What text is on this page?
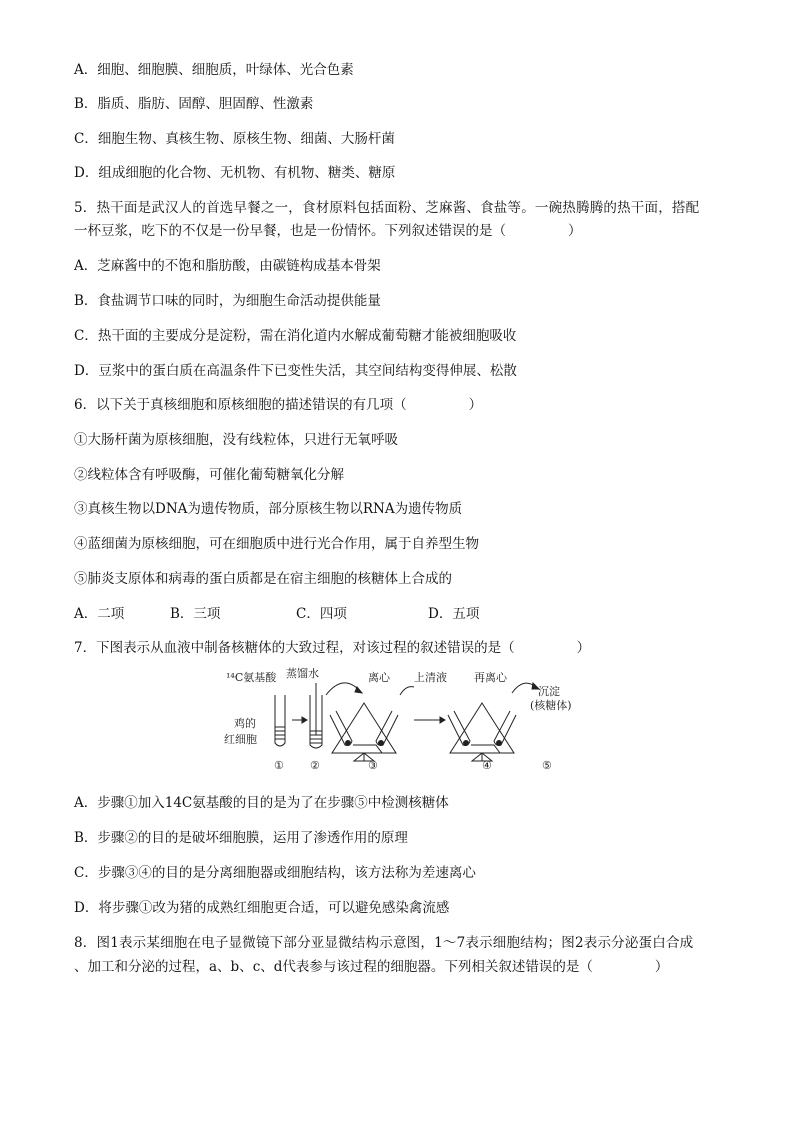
A．细胞、细胞膜、细胞质，叶绿体、光合色素
B．脂质、脂肪、固醇、胆固醇、性激素
C．细胞生物、真核生物、原核生物、细菌、大肠杆菌
D．组成细胞的化合物、无机物、有机物、糖类、糖原
5．热干面是武汉人的首选早餐之一，食材原料包括面粉、芝麻酱、食盐等。一碗热腾腾的热干面，搭配
一杯豆浆，吃下的不仅是一份早餐，也是一份情怀。下列叙述错误的是（	）
A．芝麻酱中的不饱和脂肪酸，由碳链构成基本骨架
B．食盐调节口味的同时，为细胞生命活动提供能量
C．热干面的主要成分是淀粉，需在消化道内水解成葡萄糖才能被细胞吸收
D．豆浆中的蛋白质在高温条件下已变性失活，其空间结构变得伸展、松散
6．以下关于真核细胞和原核细胞的描述错误的有几项（	）
①大肠杆菌为原核细胞，没有线粒体，只进行无氧呼吸
②线粒体含有呼吸酶，可催化葡萄糖氧化分解
③真核生物以DNA为遗传物质，部分原核生物以RNA为遗传物质
④蓝细菌为原核细胞，可在细胞质中进行光合作用，属于自养型生物
⑤肺炎支原体和病毒的蛋白质都是在宿主细胞的核糖体上合成的
A．二项	B．三项	C．四项	D．五项
7．下图表示从血液中制备核糖体的大致过程，对该过程的叙述错误的是（	）
¹⁴C氨基酸 蒸馏水	离心 上清液 再离心
沉淀
(核糖体)
鸡的
红细胞
① ②	③	④	⑤
A．步骤①加入14C氨基酸的目的是为了在步骤⑤中检测核糖体
B．步骤②的目的是破坏细胞膜，运用了渗透作用的原理
C．步骤③④的目的是分离细胞器或细胞结构，该方法称为差速离心
D．将步骤①改为猪的成熟红细胞更合适，可以避免感染禽流感
8．图1表示某细胞在电子显微镜下部分亚显微结构示意图，1～7表示细胞结构；图2表示分泌蛋白合成
、加工和分泌的过程，a、b、c、d代表参与该过程的细胞器。下列相关叙述错误的是（	）
